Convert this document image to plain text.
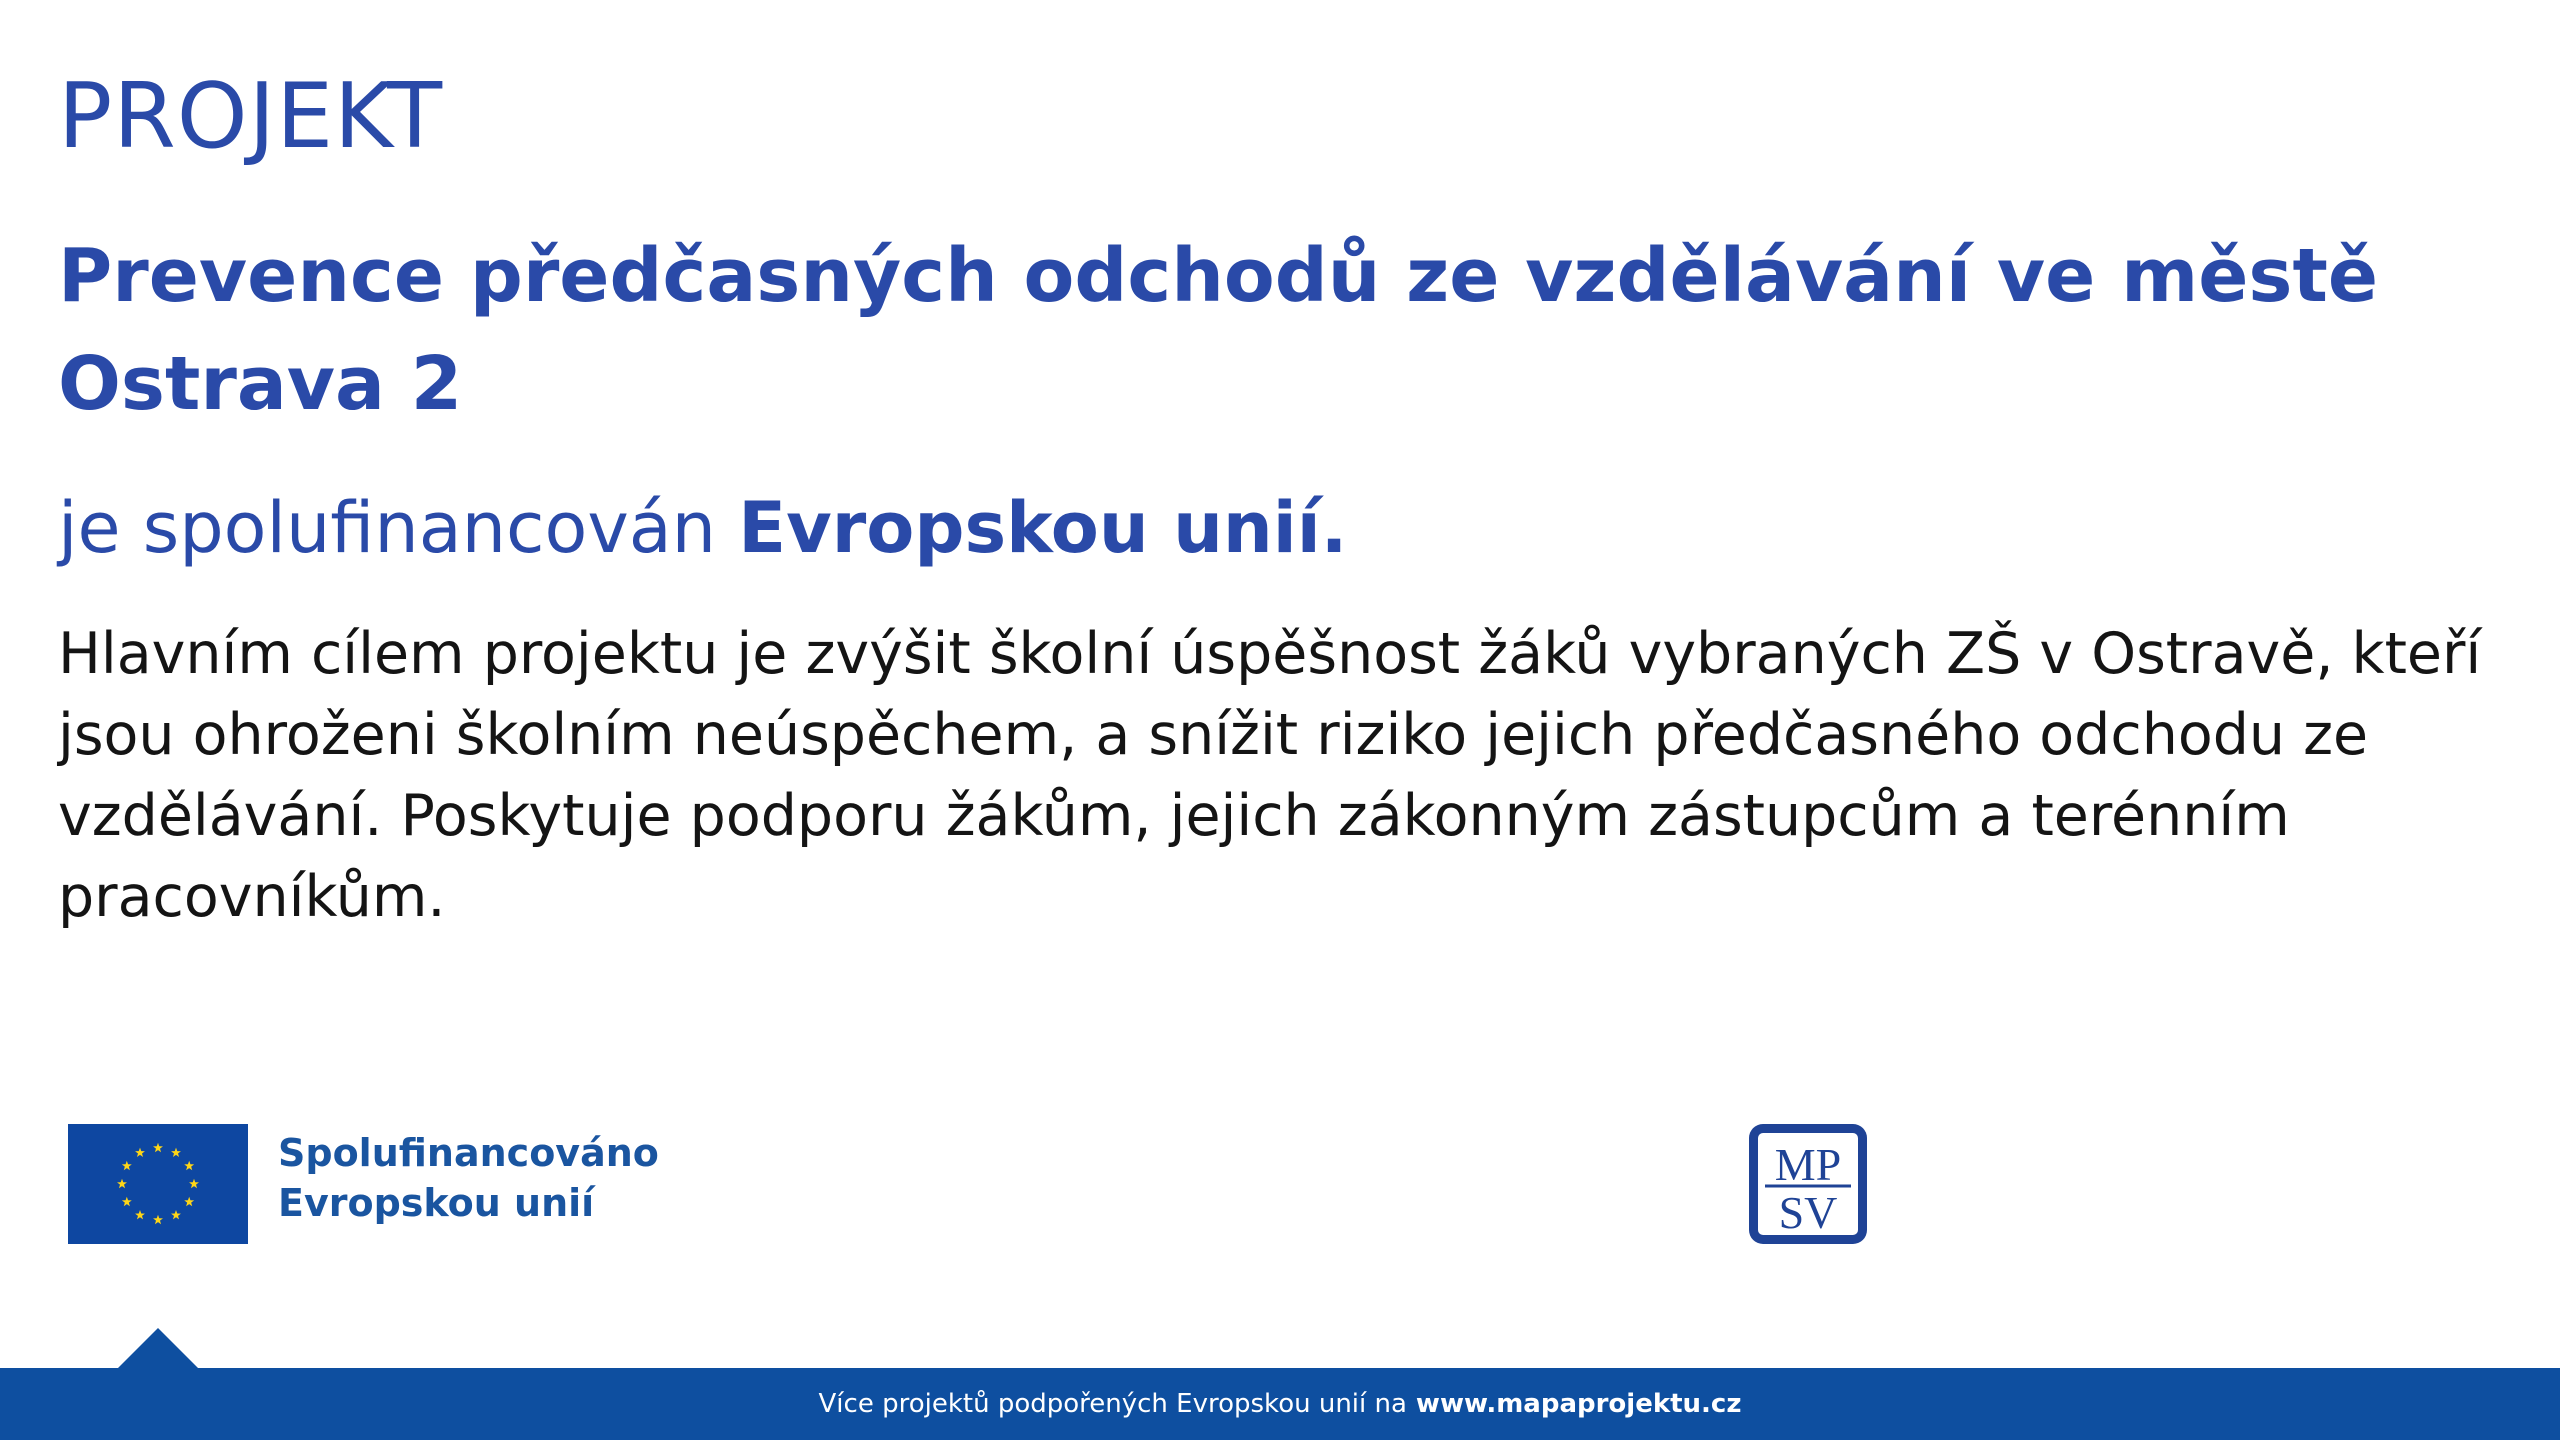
PROJEKT
Prevence předčasných odchodů ze vzdělávání ve městě Ostrava 2

je spolufinancován Evropskou unií.

Hlavním cílem projektu je zvýšit školní úspěšnost žáků vybraných ZŠ v Ostravě, kteří jsou ohroženi školním neúspěchem, a snížit riziko jejich předčasného odchodu ze vzdělávání. Poskytuje podporu žákům, jejich zákonným zástupcům a terénním pracovníkům.

Spolufinancováno
Evropskou unií
MP
SV
Více projektů podpořených Evropskou unií na www.mapaprojektu.cz
